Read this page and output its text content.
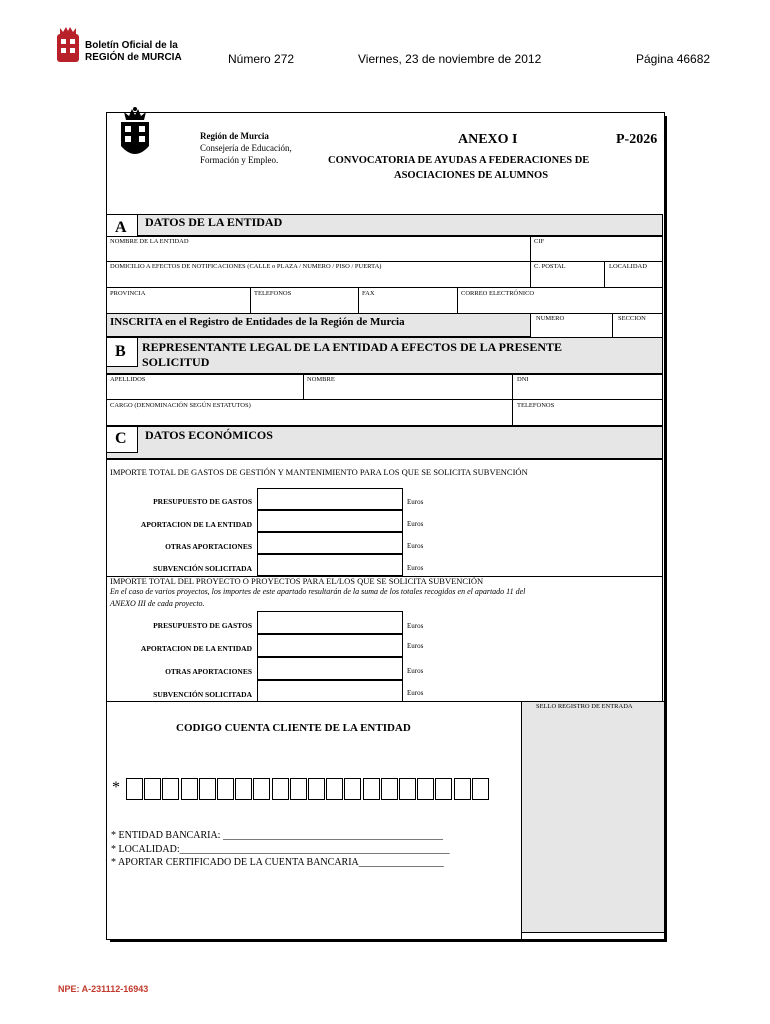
Boletín Oficial de la
REGIÓN de MURCIA	Número 272	Viernes, 23 de noviembre de 2012	Página 46682
Región de Murcia
Consejería de Educación,
Formación y Empleo.
ANEXO I	P-2026
CONVOCATORIA DE AYUDAS A FEDERACIONES DE
ASOCIACIONES DE ALUMNOS
A DATOS DE LA ENTIDAD
NOMBRE DE LA ENTIDAD	CIF
DOMICILIO A EFECTOS DE NOTIFICACIONES (CALLE o PLAZA / NUMERO / PISO / PUERTA)	C. POSTAL	LOCALIDAD
PROVINCIA	TELEFONOS	FAX	CORREO ELECTRÓNICO
INSCRITA en el Registro de Entidades de la Región de Murcia	NUMERO	SECCION
B REPRESENTANTE LEGAL DE LA ENTIDAD A EFECTOS DE LA PRESENTE
SOLICITUD
APELLIDOS	NOMBRE	DNI
CARGO (DENOMINACIÓN SEGÚN ESTATUTOS)	TELEFONOS
C DATOS ECONÓMICOS
IMPORTE TOTAL DE GASTOS DE GESTIÓN Y MANTENIMIENTO PARA LOS QUE SE SOLICITA SUBVENCIÓN
PRESUPUESTO DE GASTOS	Euros
APORTACION DE LA ENTIDAD	Euros
OTRAS APORTACIONES	Euros
SUBVENCIÓN SOLICITADA	Euros
IMPORTE TOTAL DEL PROYECTO O PROYECTOS PARA EL/LOS QUE SE SOLICITA SUBVENCIÓN
En el caso de varios proyectos, los importes de este apartado resultarán de la suma de los totales recogidos en el apartado 11 del
ANEXO III de cada proyecto.
PRESUPUESTO DE GASTOS	Euros
APORTACION DE LA ENTIDAD	Euros
OTRAS APORTACIONES	Euros
SUBVENCIÓN SOLICITADA	Euros
SELLO REGISTRO DE ENTRADA
CODIGO CUENTA CLIENTE DE LA ENTIDAD
*
* ENTIDAD BANCARIA: ____________________________________________
* LOCALIDAD:______________________________________________________
* APORTAR CERTIFICADO DE LA CUENTA BANCARIA_________________
NPE: A-231112-16943
